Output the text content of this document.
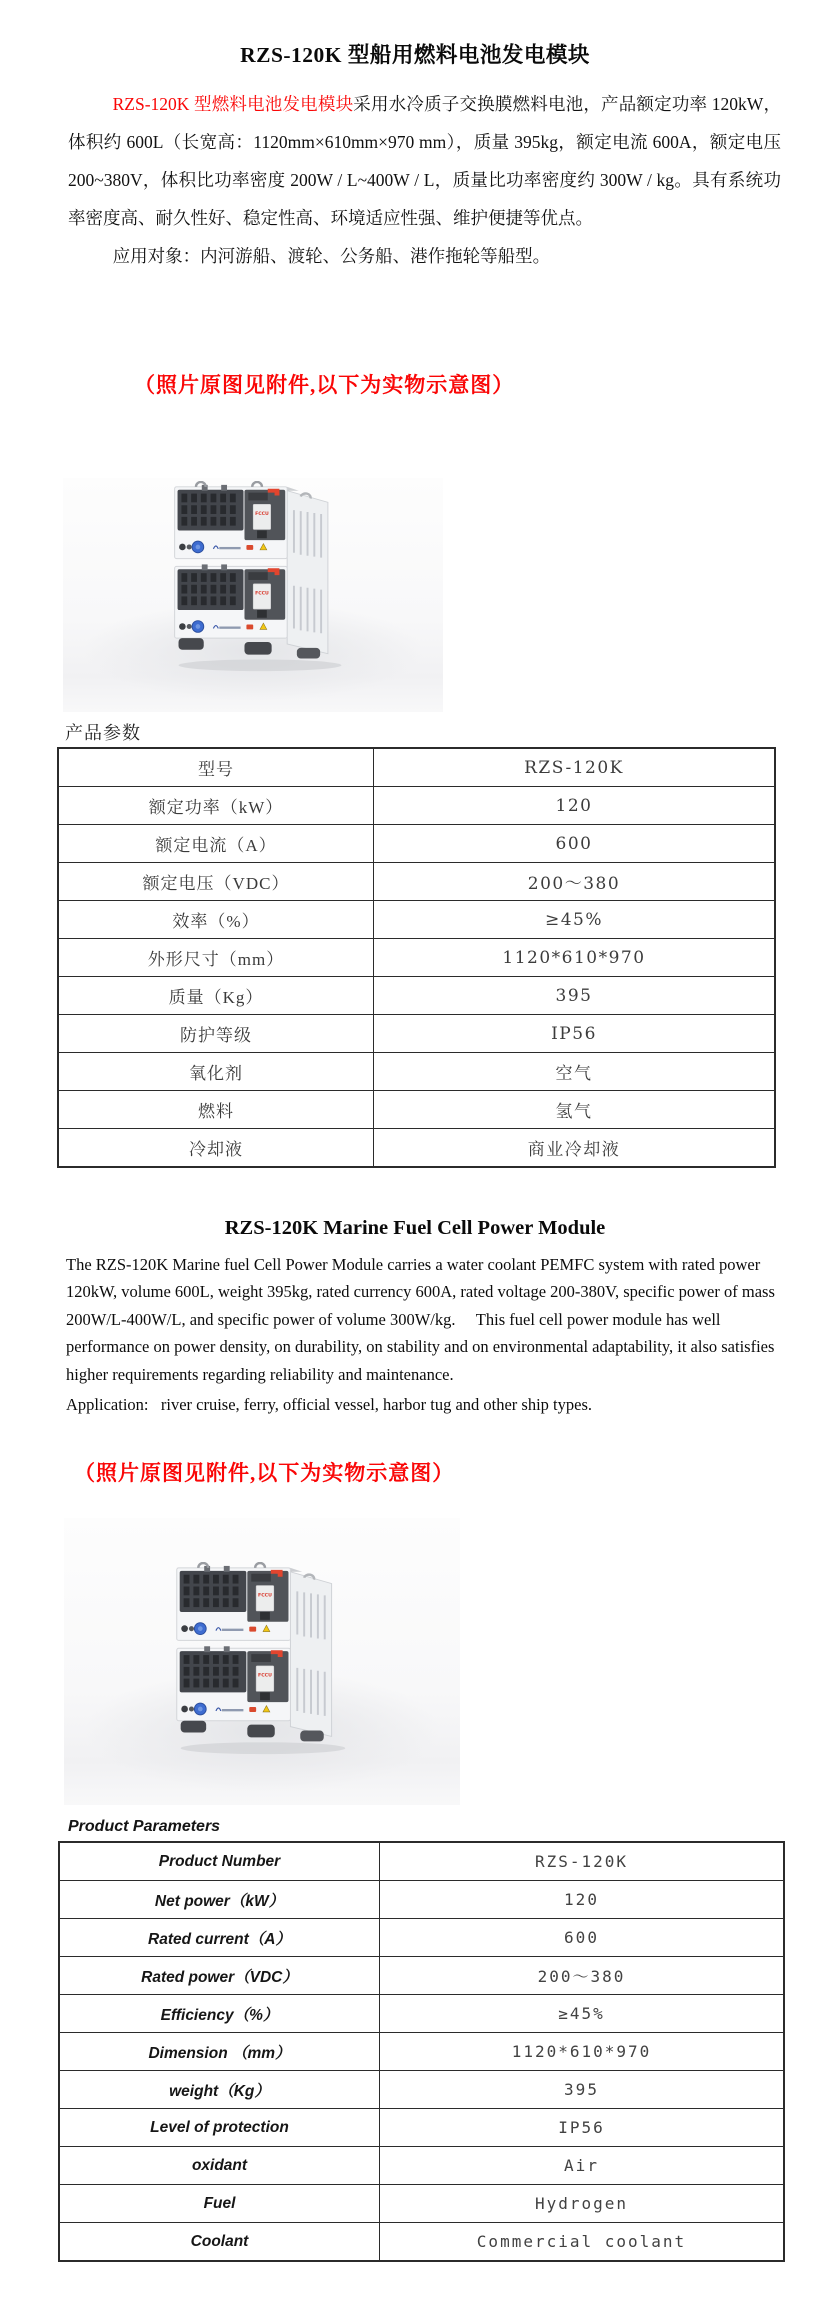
RZS-120K 型船用燃料电池发电模块

RZS-120K 型燃料电池发电模块采用水冷质子交换膜燃料电池，产品额定功率 120kW，体积约 600L（长宽高：1120mm×610mm×970 mm），质量 395kg，额定电流 600A，额定电压 200~380V，体积比功率密度 200W / L~400W / L，质量比功率密度约 300W / kg。具有系统功率密度高、耐久性好、稳定性高、环境适应性强、维护便捷等优点。

应用对象：内河游船、渡轮、公务船、港作拖轮等船型。

（照片原图见附件,以下为实物示意图）
产品参数
型号	RZS-120K
额定功率（kW）	120
额定电流（A）	600
额定电压（VDC）	200～380
效率（%）	≥45%
外形尺寸（mm）	1120*610*970
质量（Kg）	395
防护等级	IP56
氧化剂	空气
燃料	氢气
冷却液	商业冷却液
RZS-120K Marine Fuel Cell Power Module

The RZS-120K Marine fuel Cell Power Module carries a water coolant PEMFC system with rated power 120kW, volume 600L, weight 395kg, rated currency 600A, rated voltage 200-380V, specific power of mass 200W/L-400W/L, and specific power of volume 300W/kg.     This fuel cell power module has well performance on power density, on durability, on stability and on environmental adaptability, it also satisfies higher requirements regarding reliability and maintenance.

Application:   river cruise, ferry, official vessel, harbor tug and other ship types.

（照片原图见附件,以下为实物示意图）
Product Parameters
Product Number	RZS-120K
Net power（kW）	120
Rated current（A）	600
Rated power（VDC）	200～380
Efficiency（%）	≥45%
Dimension （mm）	1120*610*970
weight（Kg）	395
Level of protection	IP56
oxidant	Air
Fuel	Hydrogen
Coolant	Commercial coolant
